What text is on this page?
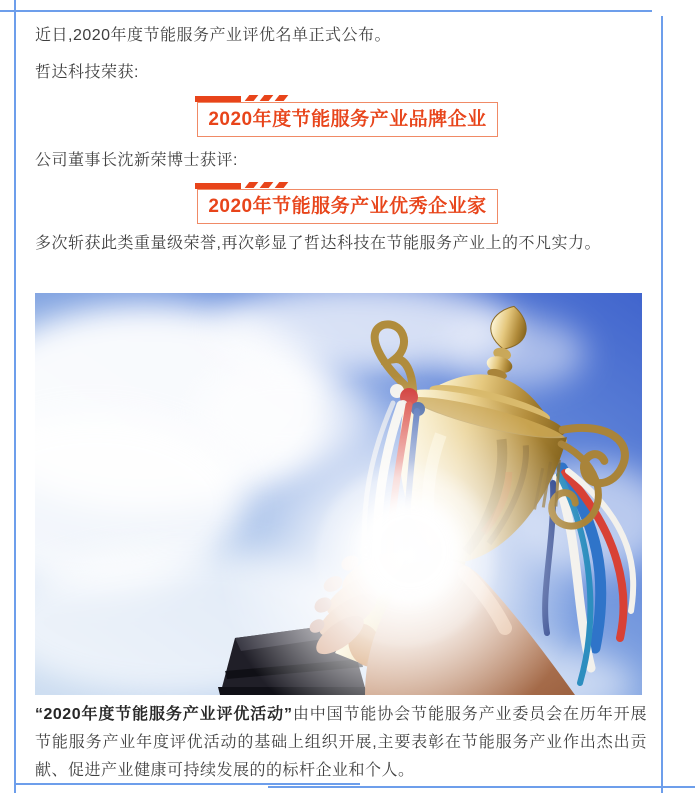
近日,2020年度节能服务产业评优名单正式公布。

哲达科技荣获:

2020年度节能服务产业品牌企业

公司董事长沈新荣博士获评:

2020年节能服务产业优秀企业家

多次斩获此类重量级荣誉,再次彰显了哲达科技在节能服务产业上的不凡实力。

“2020年度节能服务产业评优活动”由中国节能协会节能服务产业委员会在历年开展节能服务产业年度评优活动的基础上组织开展,主要表彰在节能服务产业作出杰出贡献、促进产业健康可持续发展的的标杆企业和个人。
